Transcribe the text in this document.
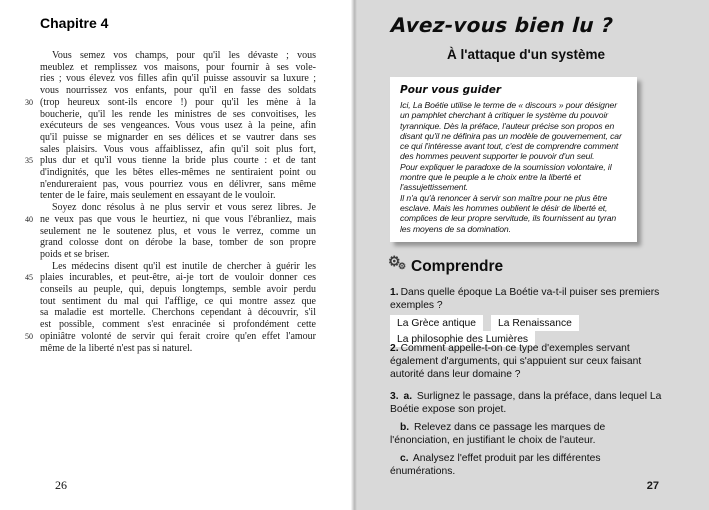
Chapitre 4
Vous semez vos champs, pour qu'il les dévaste ; vous
meublez et remplissez vos maisons, pour fournir à ses vole-
ries ; vous élevez vos filles afin qu'il puisse assouvir sa luxure ;
vous nourrissez vos enfants, pour qu'il en fasse des soldats
30 (trop heureux sont-ils encore !) pour qu'il les mène à la
boucherie, qu'il les rende les ministres de ses convoitises, les
exécuteurs de ses vengeances. Vous vous usez à la peine, afin
qu'il puisse se mignarder en ses délices et se vautrer dans ses
sales plaisirs. Vous vous affaiblissez, afin qu'il soit plus fort,
35 plus dur et qu'il vous tienne la bride plus courte : et de tant
d'indignités, que les bêtes elles-mêmes ne sentiraient point ou
n'endureraient pas, vous pourriez vous en délivrer, sans même
tenter de le faire, mais seulement en essayant de le vouloir.
Soyez donc résolus à ne plus servir et vous serez libres. Je
40 ne veux pas que vous le heurtiez, ni que vous l'ébranliez, mais
seulement ne le soutenez plus, et vous le verrez, comme un
grand colosse dont on dérobe la base, tomber de son propre
poids et se briser.
Les médecins disent qu'il est inutile de chercher à guérir les
45 plaies incurables, et peut-être, ai-je tort de vouloir donner ces
conseils au peuple, qui, depuis longtemps, semble avoir perdu
tout sentiment du mal qui l'afflige, ce qui montre assez que
sa maladie est mortelle. Cherchons cependant à découvrir, s'il
est possible, comment s'est enracinée si profondément cette
50 opiniâtre volonté de servir qui ferait croire qu'en effet l'amour
même de la liberté n'est pas si naturel.
26
Avez-vous bien lu ?
À l'attaque d'un système
Pour vous guider

Ici, La Boétie utilise le terme de « discours » pour désigner un pamphlet cherchant à critiquer le système du pouvoir tyrannique. Dès la préface, l'auteur précise son propos en disant qu'il ne définira pas un modèle de gouvernement, car ce qui l'intéresse avant tout, c'est de comprendre comment des hommes peuvent supporter le pouvoir d'un seul.

Pour expliquer le paradoxe de la soumission volontaire, il montre que le peuple a le choix entre la liberté et l'assujettissement.

Il n'a qu'à renoncer à servir son maître pour ne plus être esclave. Mais les hommes oublient le désir de liberté et, complices de leur propre servitude, ils fournissent au tyran les moyens de sa domination.

⚙
⚙ Comprendre

1. Dans quelle époque La Boétie va-t-il puiser ses premiers exemples ?

La Grèce antique La RenaissanceLa philosophie des Lumières

2. Comment appelle-t-on ce type d'exemples servant également d'arguments, qui s'appuient sur ceux faisant autorité dans leur domaine ?

3. a. Surlignez le passage, dans la préface, dans lequel La Boétie expose son projet.

b. Relevez dans ce passage les marques de l'énonciation, en justifiant le choix de l'auteur.

c. Analysez l'effet produit par les différentes énumérations.

27
